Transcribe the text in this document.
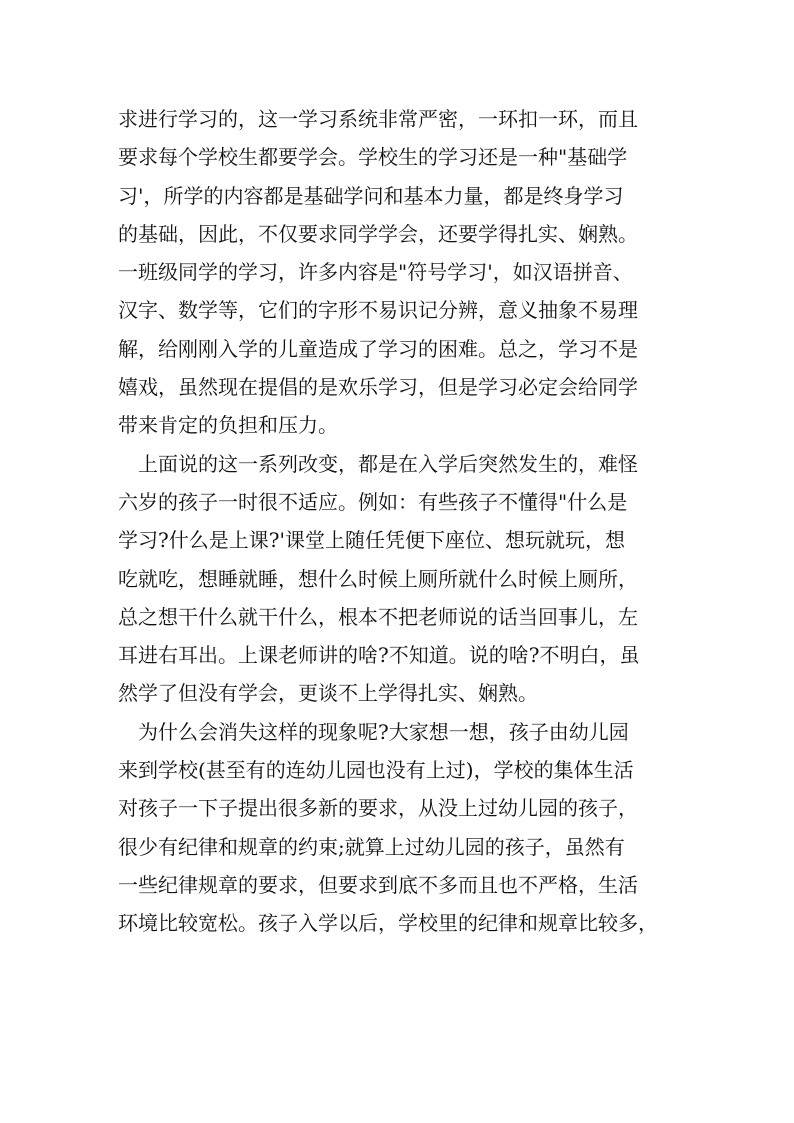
求进行学习的，这一学习系统非常严密，一环扣一环，而且
要求每个学校生都要学会。学校生的学习还是一种"基础学
习'，所学的内容都是基础学问和基本力量，都是终身学习
的基础，因此，不仅要求同学学会，还要学得扎实、娴熟。
一班级同学的学习，许多内容是"符号学习'，如汉语拼音、
汉字、数学等，它们的字形不易识记分辨，意义抽象不易理
解，给刚刚入学的儿童造成了学习的困难。总之，学习不是
嬉戏，虽然现在提倡的是欢乐学习，但是学习必定会给同学
带来肯定的负担和压力。
上面说的这一系列改变，都是在入学后突然发生的，难怪
六岁的孩子一时很不适应。例如：有些孩子不懂得"什么是
学习?什么是上课?'课堂上随任凭便下座位、想玩就玩，想
吃就吃，想睡就睡，想什么时候上厕所就什么时候上厕所，
总之想干什么就干什么，根本不把老师说的话当回事儿，左
耳进右耳出。上课老师讲的啥?不知道。说的啥?不明白，虽
然学了但没有学会，更谈不上学得扎实、娴熟。
为什么会消失这样的现象呢?大家想一想，孩子由幼儿园
来到学校(甚至有的连幼儿园也没有上过)，学校的集体生活
对孩子一下子提出很多新的要求，从没上过幼儿园的孩子，
很少有纪律和规章的约束;就算上过幼儿园的孩子，虽然有
一些纪律规章的要求，但要求到底不多而且也不严格，生活
环境比较宽松。孩子入学以后，学校里的纪律和规章比较多，
